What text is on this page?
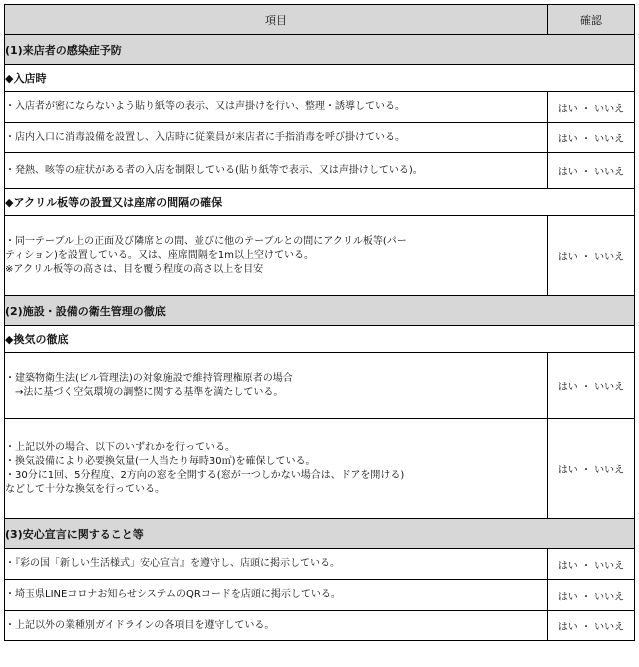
項目	確認
(1)来店者の感染症予防	
◆入店時	

・入店者が密にならないよう貼り紙等の表示、又は声掛けを行い、整理・誘導している。	はい ・ いいえ

・店内入口に消毒設備を設置し、入店時に従業員が来店者に手指消毒を呼び掛けている。	はい ・ いいえ

・発熱、咳等の症状がある者の入店を制限している(貼り紙等で表示、又は声掛けしている)。	はい ・ いいえ
◆アクリル板等の設置又は座席の間隔の確保	

・同一テーブル上の正面及び隣席との間、並びに他のテーブルとの間にアクリル板等(パー
ティション)を設置している。又は、座席間隔を1m以上空けている。
※アクリル板等の高さは、目を覆う程度の高さ以上を目安	はい ・ いいえ
(2)施設・設備の衛生管理の徹底	
◆換気の徹底	

・建築物衛生法(ビル管理法)の対象施設で維持管理権原者の場合
　→法に基づく空気環境の調整に関する基準を満たしている。	はい ・ いいえ

・上記以外の場合、以下のいずれかを行っている。
・換気設備により必要換気量(一人当たり毎時30㎥)を確保している。
・30分に1回、5分程度、2方向の窓を全開する(窓が一つしかない場合は、ドアを開ける)
などして十分な換気を行っている。	はい ・ いいえ
(3)安心宣言に関すること等	

・『彩の国「新しい生活様式」安心宣言』を遵守し、店頭に掲示している。	はい ・ いいえ

・埼玉県LINEコロナお知らせシステムのQRコードを店頭に掲示している。	はい ・ いいえ

・上記以外の業種別ガイドラインの各項目を遵守している。	はい ・ いいえ
